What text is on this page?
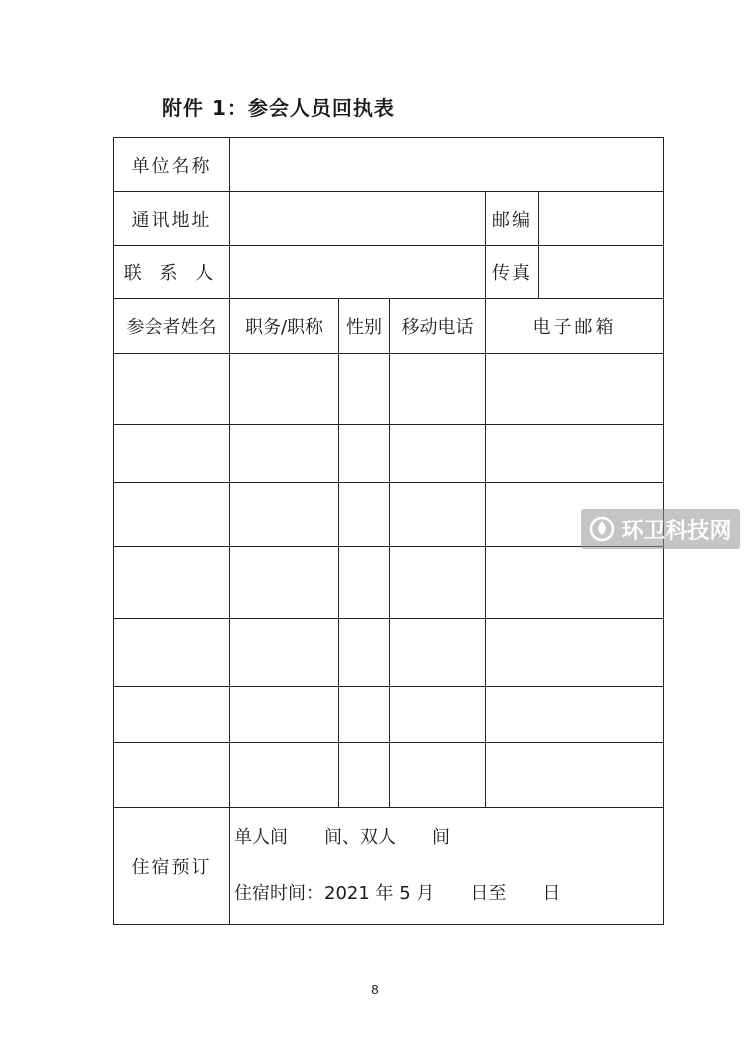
附件 1：参会人员回执表
单位名称					
通讯地址				邮编	
联 系 人				传真	
参会者姓名	职务/职称	性别	移动电话	电子邮箱	

住宿预订	单人间　　间、双人　　间
住宿时间：2021 年 5 月　　日至　　日				
环卫科技网
8
